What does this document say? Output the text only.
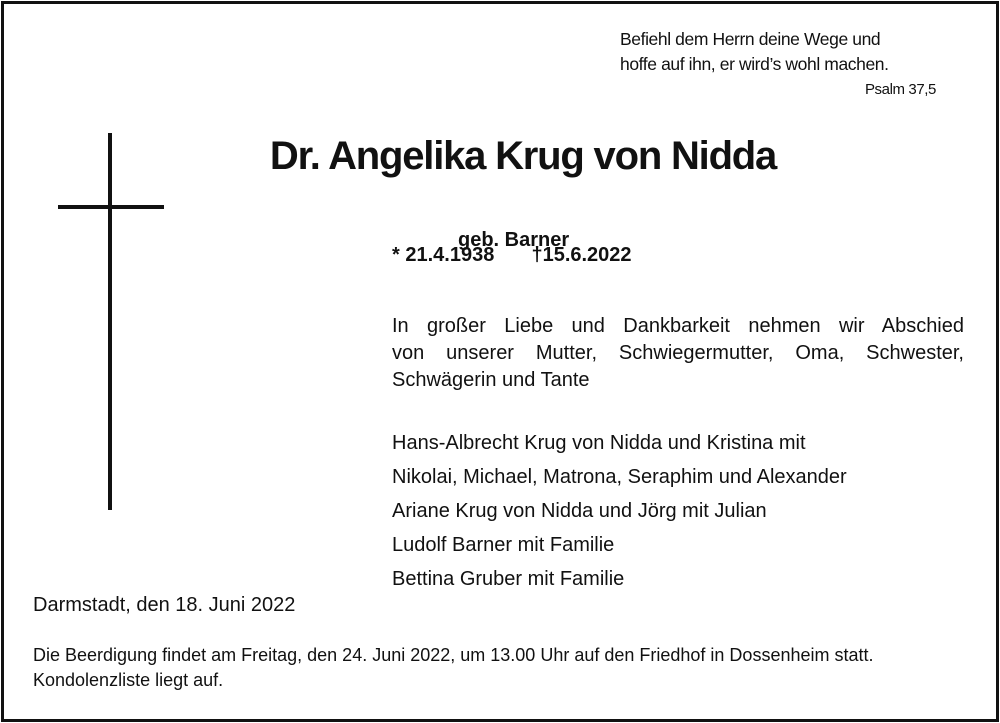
Befiehl dem Herrn deine Wege und
hoffe auf ihn, er wird’s wohl machen.
Psalm 37,5
Dr. Angelika Krug von Nidda
geb. Barner
* 21.4.1938 †15.6.2022
In großer Liebe und Dankbarkeit nehmen wir Abschied
von unserer Mutter, Schwiegermutter, Oma, Schwester,
Schwägerin und Tante
Hans-Albrecht Krug von Nidda und Kristina mit
Nikolai, Michael, Matrona, Seraphim und Alexander
Ariane Krug von Nidda und Jörg mit Julian
Ludolf Barner mit Familie
Bettina Gruber mit Familie
Darmstadt, den 18. Juni 2022
Die Beerdigung findet am Freitag, den 24. Juni 2022, um 13.00 Uhr auf den Friedhof in Dossenheim statt.
Kondolenzliste liegt auf.
